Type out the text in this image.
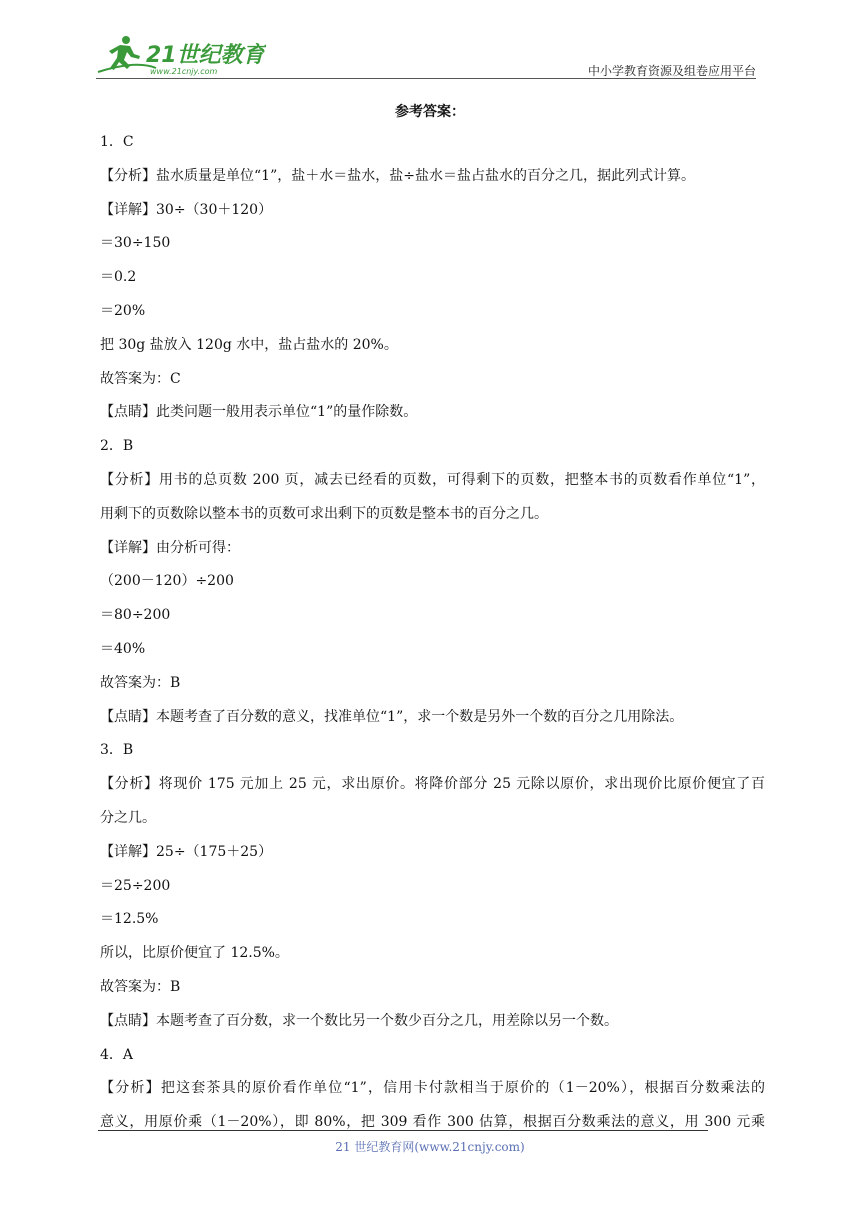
21世纪教育
www.21cnjy.com	中小学教育资源及组卷应用平台
参考答案：
1．C
【分析】盐水质量是单位“1”，盐＋水＝盐水，盐÷盐水＝盐占盐水的百分之几，据此列式计算。
【详解】30÷（30＋120）
＝30÷150
＝0.2
＝20%
把 30g 盐放入 120g 水中，盐占盐水的 20%。
故答案为：C
【点睛】此类问题一般用表示单位“1”的量作除数。
2．B
【分析】用书的总页数 200 页，减去已经看的页数，可得剩下的页数，把整本书的页数看作单位“1”，
用剩下的页数除以整本书的页数可求出剩下的页数是整本书的百分之几。
【详解】由分析可得：
（200－120）÷200
＝80÷200
＝40%
故答案为：B
【点睛】本题考查了百分数的意义，找准单位“1”，求一个数是另外一个数的百分之几用除法。
3．B
【分析】将现价 175 元加上 25 元，求出原价。将降价部分 25 元除以原价，求出现价比原价便宜了百
分之几。
【详解】25÷（175＋25）
＝25÷200
＝12.5%
所以，比原价便宜了 12.5%。
故答案为：B
【点睛】本题考查了百分数，求一个数比另一个数少百分之几，用差除以另一个数。
4．A
【分析】把这套茶具的原价看作单位“1”，信用卡付款相当于原价的（1－20%），根据百分数乘法的
意义，用原价乘（1－20%），即 80%，把 309 看作 300 估算，根据百分数乘法的意义，用 300 元乘
21 世纪教育网(www.21cnjy.com)
